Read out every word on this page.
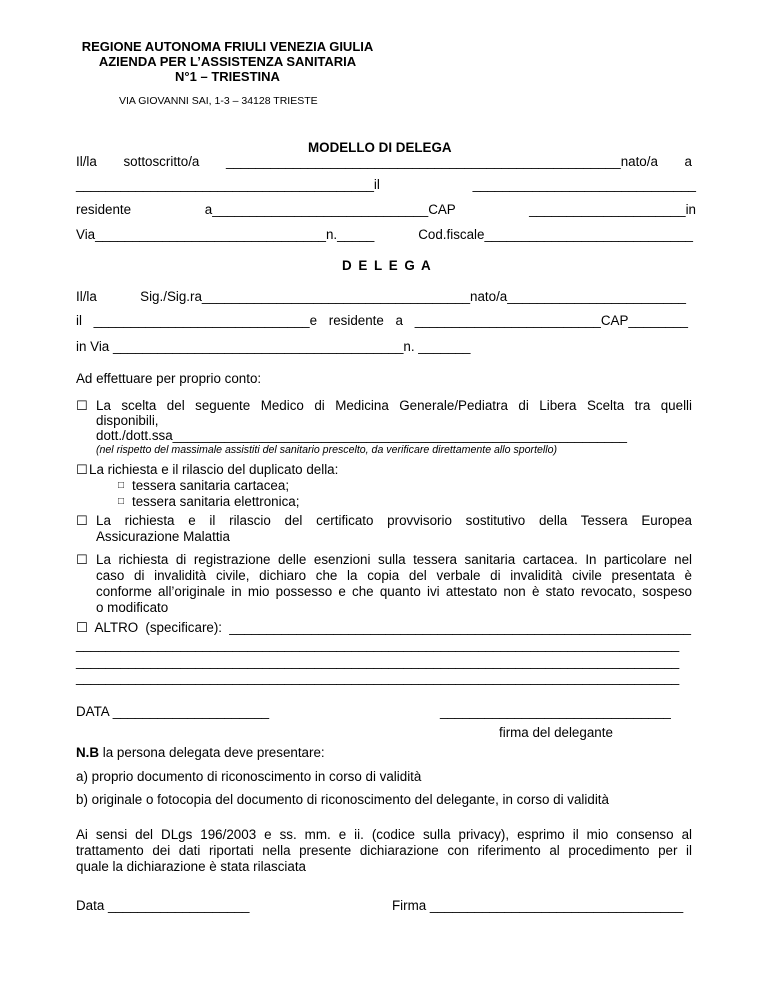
REGIONE AUTONOMA FRIULI VENEZIA GIULIA
AZIENDA PER L’ASSISTENZA SANITARIA
N°1 – TRIESTINA
VIA GIOVANNI SAI, 1-3 – 34128 TRIESTE
MODELLO DI DELEGA
Il/la sottoscritto/a _____________________________________________________nato/a a
________________________________________il ______________________________
residente a_____________________________CAP _____________________in
Via_______________________________n._____ Cod.fiscale____________________________
D E L E G A
Il/la Sig./Sig.ra____________________________________nato/a________________________
il _____________________________e residente a _________________________CAP________
in Via _______________________________________n. _______
Ad effettuare per proprio conto:
☐ La scelta del seguente Medico di Medicina Generale/Pediatra di Libera Scelta tra quelli
disponibili,
dott./dott.ssa_____________________________________________________________
(nel rispetto del massimale assistiti del sanitario prescelto, da verificare direttamente allo sportello)
☐ La richiesta e il rilascio del duplicato della:
□ tessera sanitaria cartacea;
□ tessera sanitaria elettronica;
☐ La richiesta e il rilascio del certificato provvisorio sostitutivo della Tessera Europea
Assicurazione Malattia
☐ La richiesta di registrazione delle esenzioni sulla tessera sanitaria cartacea. In particolare nel
caso di invalidità civile, dichiaro che la copia del verbale di invalidità civile presentata è
conforme all’originale in mio possesso e che quanto ivi attestato non è stato revocato, sospeso
o modificato
☐ ALTRO (specificare): ______________________________________________________________
_________________________________________________________________________________
_________________________________________________________________________________
_________________________________________________________________________________
DATA _____________________	_______________________________
firma del delegante
N.B la persona delegata deve presentare:
a) proprio documento di riconoscimento in corso di validità
b) originale o fotocopia del documento di riconoscimento del delegante, in corso di validità
Ai sensi del DLgs 196/2003 e ss. mm. e ii. (codice sulla privacy), esprimo il mio consenso al
trattamento dei dati riportati nella presente dichiarazione con riferimento al procedimento per il
quale la dichiarazione è stata rilasciata
Data ___________________	Firma __________________________________
